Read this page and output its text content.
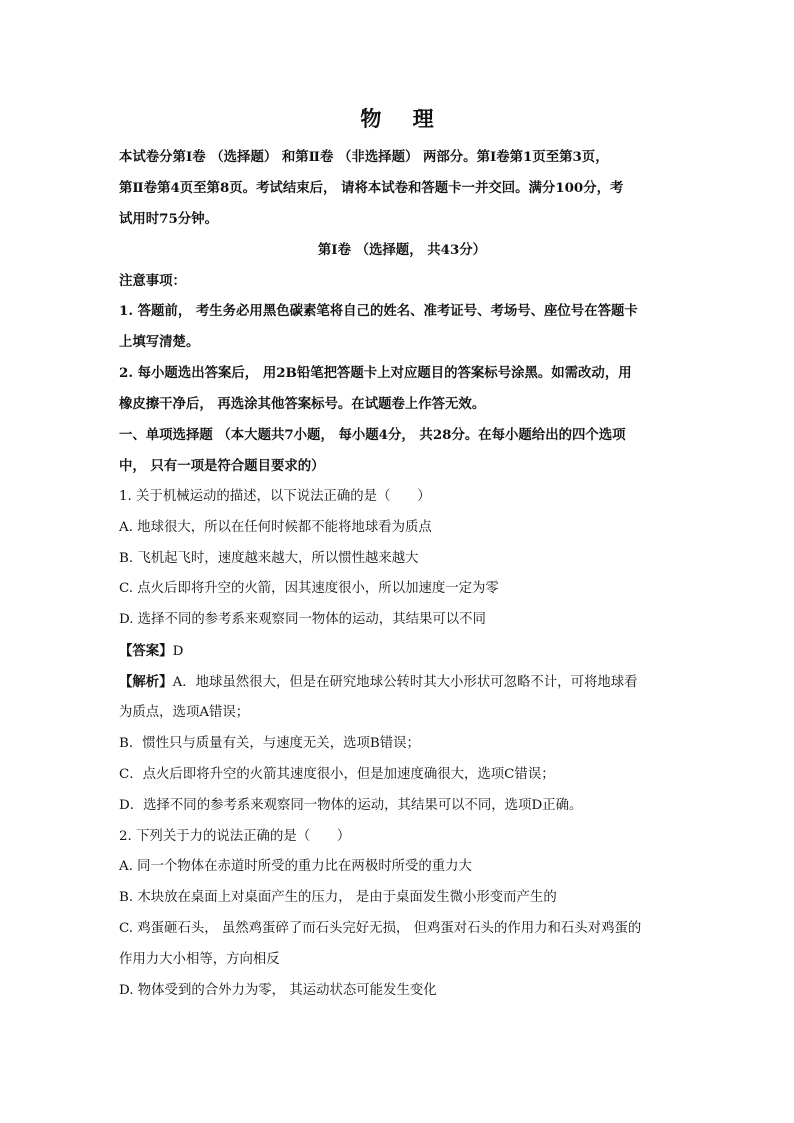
物 理
本试卷分第Ⅰ卷 （选择题） 和第Ⅱ卷 （非选择题） 两部分。第Ⅰ卷第1页至第3页，
第Ⅱ卷第4页至第8页。考试结束后， 请将本试卷和答题卡一并交回。满分100分，考
试用时75分钟。
第Ⅰ卷 （选择题， 共43分）
注意事项：
1. 答题前， 考生务必用黑色碳素笔将自己的姓名、准考证号、考场号、座位号在答题卡
上填写清楚。
2. 每小题选出答案后， 用2B铅笔把答题卡上对应题目的答案标号涂黑。如需改动，用
橡皮擦干净后， 再选涂其他答案标号。在试题卷上作答无效。
一、单项选择题 （本大题共7小题， 每小题4分， 共28分。在每小题给出的四个选项
中， 只有一项是符合题目要求的）
1. 关于机械运动的描述，以下说法正确的是（　　）
A. 地球很大，所以在任何时候都不能将地球看为质点
B. 飞机起飞时，速度越来越大，所以惯性越来越大
C. 点火后即将升空的火箭，因其速度很小，所以加速度一定为零
D. 选择不同的参考系来观察同一物体的运动，其结果可以不同
【答案】D
【解析】A．地球虽然很大，但是在研究地球公转时其大小形状可忽略不计，可将地球看
为质点，选项A错误；
B．惯性只与质量有关，与速度无关，选项B错误；
C．点火后即将升空的火箭其速度很小，但是加速度确很大，选项C错误；
D．选择不同的参考系来观察同一物体的运动，其结果可以不同，选项D正确。
2. 下列关于力的说法正确的是（　　）
A. 同一个物体在赤道时所受的重力比在两极时所受的重力大
B. 木块放在桌面上对桌面产生的压力， 是由于桌面发生微小形变而产生的
C. 鸡蛋砸石头， 虽然鸡蛋碎了而石头完好无损， 但鸡蛋对石头的作用力和石头对鸡蛋的
作用力大小相等，方向相反
D. 物体受到的合外力为零， 其运动状态可能发生变化
